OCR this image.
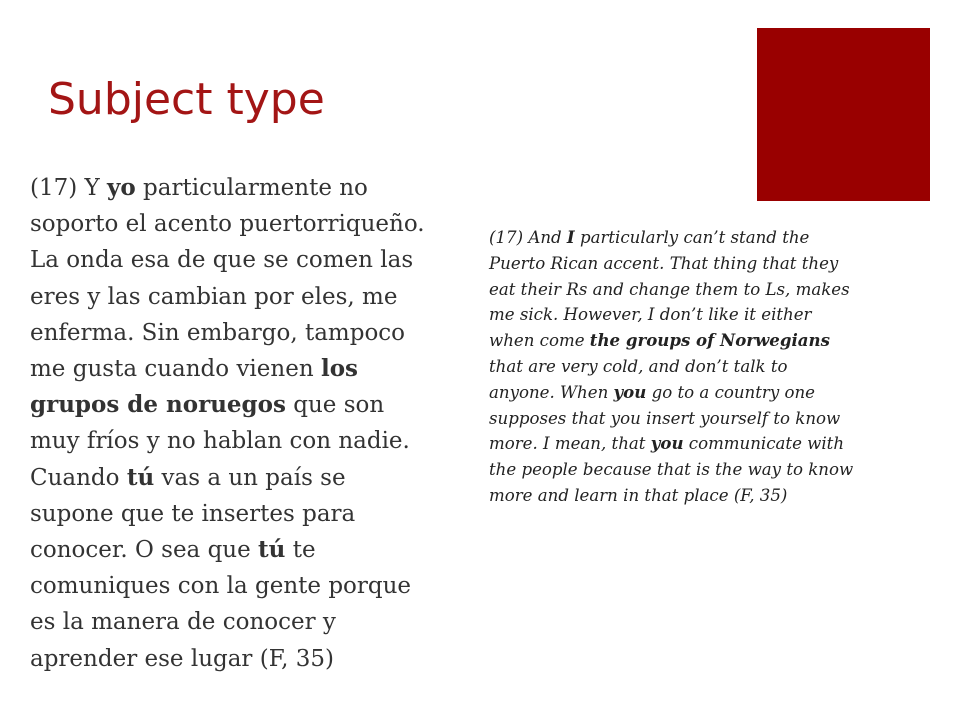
Subject type
(17) Y yo particularmente no
soporto el acento puertorriqueño.
La onda esa de que se comen las
eres y las cambian por eles, me
enferma. Sin embargo, tampoco
me gusta cuando vienen los
grupos de noruegos que son
muy fríos y no hablan con nadie.
Cuando tú vas a un país se
supone que te insertes para
conocer. O sea que tú te
comuniques con la gente porque
es la manera de conocer y
aprender ese lugar (F, 35)
(17) And I particularly can’t stand the
Puerto Rican accent. That thing that they
eat their Rs and change them to Ls, makes
me sick. However, I don’t like it either
when come the groups of Norwegians
that are very cold, and don’t talk to
anyone. When you go to a country one
supposes that you insert yourself to know
more. I mean, that you communicate with
the people because that is the way to know
more and learn in that place (F, 35)
